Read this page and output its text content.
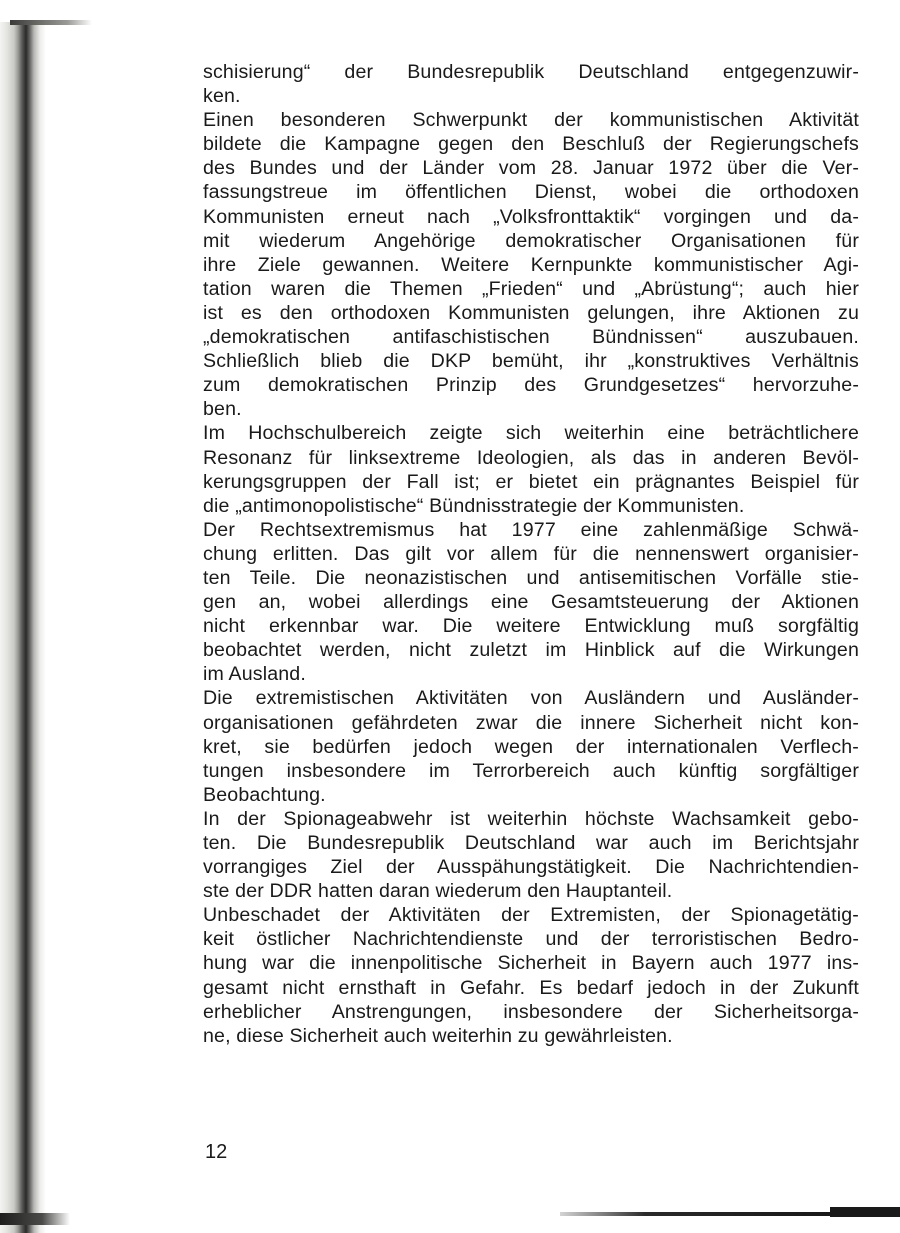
schisierung“ der Bundesrepublik Deutschland entgegenzuwir-
ken.
Einen besonderen Schwerpunkt der kommunistischen Aktivität
bildete die Kampagne gegen den Beschluß der Regierungschefs
des Bundes und der Länder vom 28. Januar 1972 über die Ver-
fassungstreue im öffentlichen Dienst, wobei die orthodoxen
Kommunisten erneut nach „Volksfronttaktik“ vorgingen und da-
mit wiederum Angehörige demokratischer Organisationen für
ihre Ziele gewannen. Weitere Kernpunkte kommunistischer Agi-
tation waren die Themen „Frieden“ und „Abrüstung“; auch hier
ist es den orthodoxen Kommunisten gelungen, ihre Aktionen zu
„demokratischen antifaschistischen Bündnissen“ auszubauen.
Schließlich blieb die DKP bemüht, ihr „konstruktives Verhältnis
zum demokratischen Prinzip des Grundgesetzes“ hervorzuhe-
ben.
Im Hochschulbereich zeigte sich weiterhin eine beträchtlichere
Resonanz für linksextreme Ideologien, als das in anderen Bevöl-
kerungsgruppen der Fall ist; er bietet ein prägnantes Beispiel für
die „antimonopolistische“ Bündnisstrategie der Kommunisten.
Der Rechtsextremismus hat 1977 eine zahlenmäßige Schwä-
chung erlitten. Das gilt vor allem für die nennenswert organisier-
ten Teile. Die neonazistischen und antisemitischen Vorfälle stie-
gen an, wobei allerdings eine Gesamtsteuerung der Aktionen
nicht erkennbar war. Die weitere Entwicklung muß sorgfältig
beobachtet werden, nicht zuletzt im Hinblick auf die Wirkungen
im Ausland.
Die extremistischen Aktivitäten von Ausländern und Ausländer-
organisationen gefährdeten zwar die innere Sicherheit nicht kon-
kret, sie bedürfen jedoch wegen der internationalen Verflech-
tungen insbesondere im Terrorbereich auch künftig sorgfältiger
Beobachtung.
In der Spionageabwehr ist weiterhin höchste Wachsamkeit gebo-
ten. Die Bundesrepublik Deutschland war auch im Berichtsjahr
vorrangiges Ziel der Ausspähungstätigkeit. Die Nachrichtendien-
ste der DDR hatten daran wiederum den Hauptanteil.
Unbeschadet der Aktivitäten der Extremisten, der Spionagetätig-
keit östlicher Nachrichtendienste und der terroristischen Bedro-
hung war die innenpolitische Sicherheit in Bayern auch 1977 ins-
gesamt nicht ernsthaft in Gefahr. Es bedarf jedoch in der Zukunft
erheblicher Anstrengungen, insbesondere der Sicherheitsorga-
ne, diese Sicherheit auch weiterhin zu gewährleisten.
12
